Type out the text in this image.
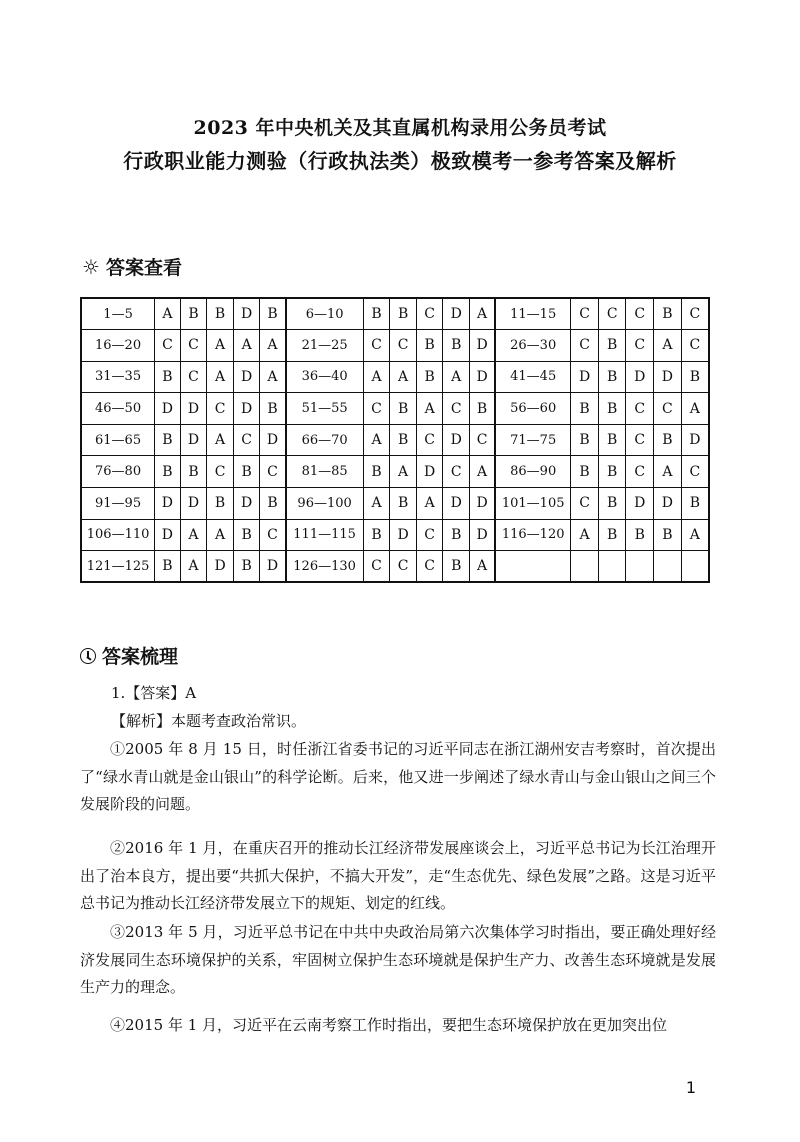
2023 年中央机关及其直属机构录用公务员考试
行政职业能力测验（行政执法类）极致模考一参考答案及解析
☼ 答案查看
1—5	A	B	B	D	B	6—10	B	B	C	D	A	11—15	C	C	C	B	C
16—20	C	C	A	A	A	21—25	C	C	B	B	D	26—30	C	B	C	A	C
31—35	B	C	A	D	A	36—40	A	A	B	A	D	41—45	D	B	D	D	B
46—50	D	D	C	D	B	51—55	C	B	A	C	B	56—60	B	B	C	C	A
61—65	B	D	A	C	D	66—70	A	B	C	D	C	71—75	B	B	C	B	D
76—80	B	B	C	B	C	81—85	B	A	D	C	A	86—90	B	B	C	A	C
91—95	D	D	B	D	B	96—100	A	B	A	D	D	101—105	C	B	D	D	B
106—110	D	A	A	B	C	111—115	B	D	C	B	D	116—120	A	B	B	B	A
121—125	B	A	D	B	D	126—130	C	C	C	B	A						
答案梳理
1.【答案】A
【解析】本题考查政治常识。
①2005 年 8 月 15 日，时任浙江省委书记的习近平同志在浙江湖州安吉考察时，首次提出了“绿水青山就是金山银山”的科学论断。后来，他又进一步阐述了绿水青山与金山银山之间三个发展阶段的问题。
②2016 年 1 月，在重庆召开的推动长江经济带发展座谈会上，习近平总书记为长江治理开出了治本良方，提出要“共抓大保护，不搞大开发”，走“生态优先、绿色发展”之路。这是习近平总书记为推动长江经济带发展立下的规矩、划定的红线。
③2013 年 5 月，习近平总书记在中共中央政治局第六次集体学习时指出，要正确处理好经济发展同生态环境保护的关系，牢固树立保护生态环境就是保护生产力、改善生态环境就是发展生产力的理念。
④2015 年 1 月，习近平在云南考察工作时指出，要把生态环境保护放在更加突出位
1
